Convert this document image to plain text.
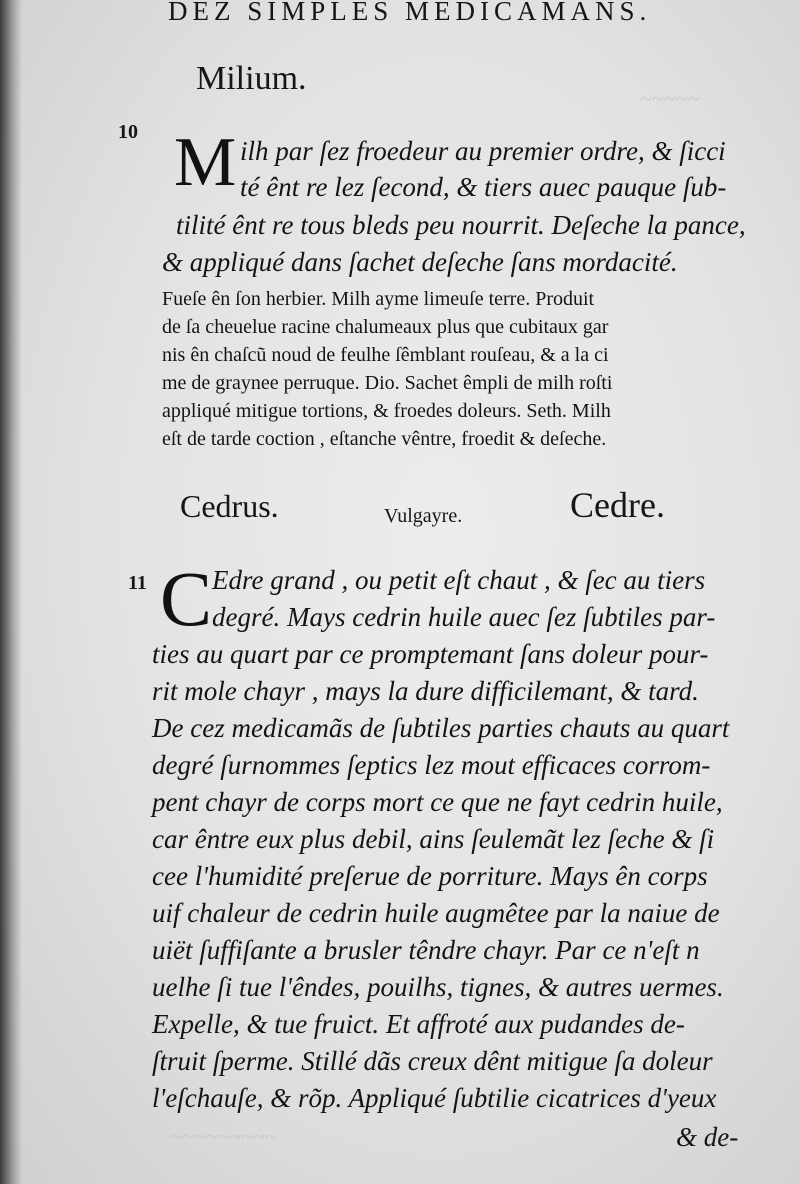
~~~~~
~~~~~~~~~
DEZ SIMPLES MEDICAMANS.
Milium.
10 M ilh par ſez froedeur au premier ordre, & ſicci
té ênt re lez ſecond, & tiers auec pauque ſub-
tilité ênt re tous bleds peu nourrit. Deſeche la pance,
& appliqué dans ſachet deſeche ſans mordacité.
Fueſe ên ſon herbier. Milh ayme limeuſe terre. Produit
de ſa cheuelue racine chalumeaux plus que cubitaux gar
nis ên chaſcũ noud de feulhe ſêmblant rouſeau, & a la ci
me de graynee perruque. Dio. Sachet êmpli de milh roſti
appliqué mitigue tortions, & froedes doleurs. Seth. Milh
eſt de tarde coction , eſtanche vêntre, froedit & deſeche.
Cedrus.	Vulgayre.	Cedre.
11 C Edre grand , ou petit eſt chaut , & ſec au tiers
degré. Mays cedrin huile auec ſez ſubtiles par-
ties au quart par ce promptemant ſans doleur pour-
rit mole chayr , mays la dure difficilemant, & tard.
De cez medicamãs de ſubtiles parties chauts au quart
degré ſurnommes ſeptics lez mout efficaces corrom-
pent chayr de corps mort ce que ne fayt cedrin huile,
car êntre eux plus debil, ains ſeulemãt lez ſeche & ſi
cee l'humidité preſerue de porriture. Mays ên corps
uif chaleur de cedrin huile augmêtee par la naiue de
uiët ſuffiſante a brusler têndre chayr. Par ce n'eſt n
uelhe ſi tue l'êndes, pouilhs, tignes, & autres uermes.
Expelle, & tue fruict. Et affroté aux pudandes de-
ſtruit ſperme. Stillé dãs creux dênt mitigue ſa doleur
l'eſchauſe, & rõp. Appliqué ſubtilie cicatrices d'yeux
& de-
